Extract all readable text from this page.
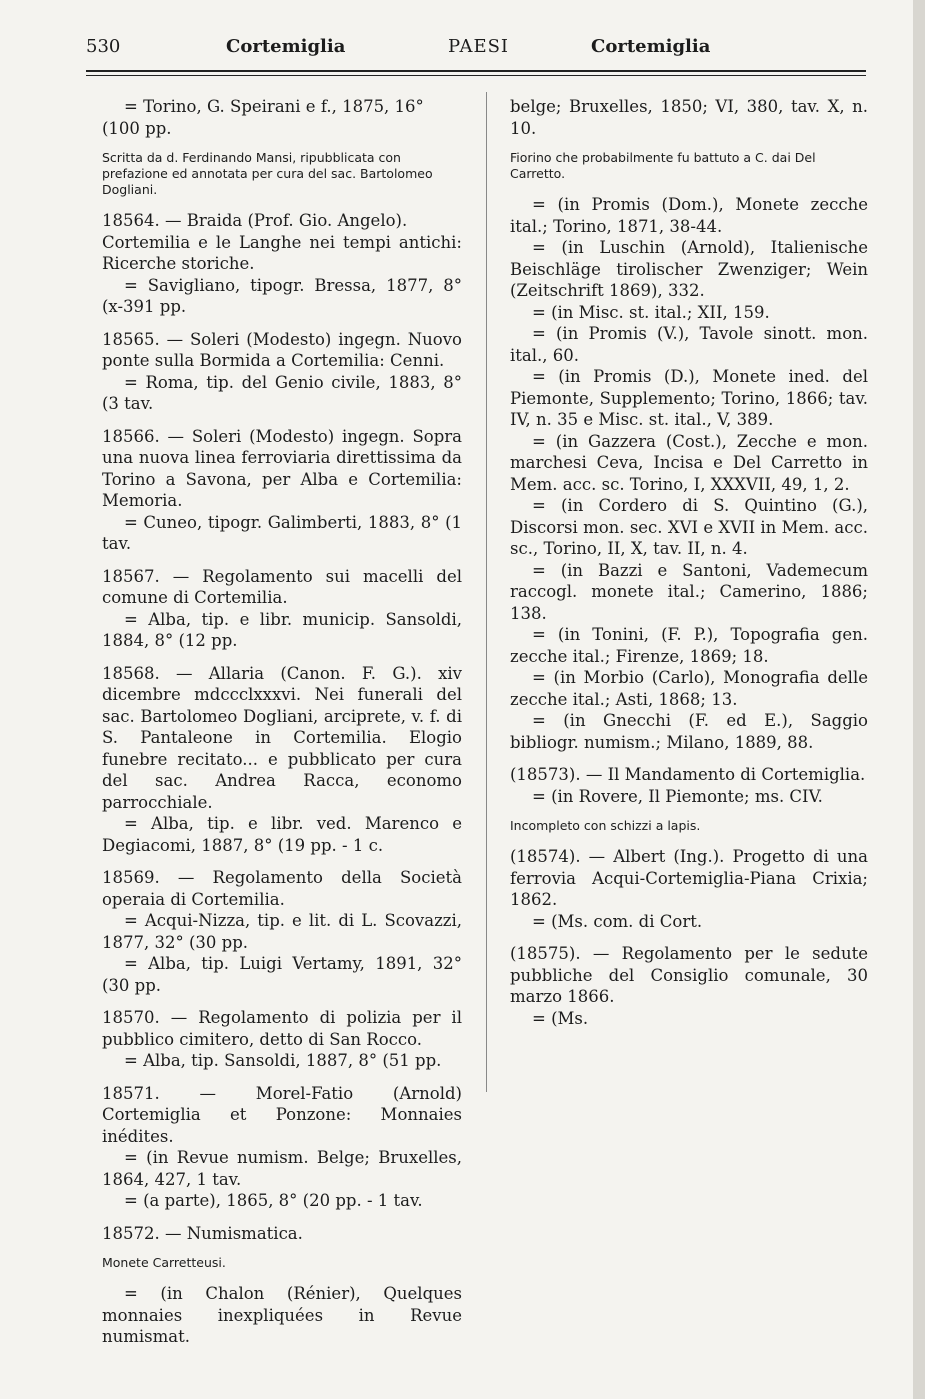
530	Cortemiglia	PAESI	Cortemiglia
= Torino, G. Speirani e f., 1875, 16°
(100 pp.
Scritta da d. Ferdinando Mansi, ripubblicata con prefazione ed annotata per cura del sac. Bartolomeo Dogliani.
18564. — Braida (Prof. Gio. Angelo).
Cortemilia e le Langhe nei tempi antichi: Ricerche storiche.
= Savigliano, tipogr. Bressa, 1877, 8° (x-391 pp.
18565. — Soleri (Modesto) ingegn. Nuovo ponte sulla Bormida a Cortemilia: Cenni.
= Roma, tip. del Genio civile, 1883, 8° (3 tav.
18566. — Soleri (Modesto) ingegn. Sopra una nuova linea ferroviaria direttissima da Torino a Savona, per Alba e Cortemilia: Memoria.
= Cuneo, tipogr. Galimberti, 1883, 8° (1 tav.
18567. — Regolamento sui macelli del comune di Cortemilia.
= Alba, tip. e libr. municip. Sansoldi, 1884, 8° (12 pp.
18568. — Allaria (Canon. F. G.). xiv dicembre mdccclxxxvi. Nei funerali del sac. Bartolomeo Dogliani, arciprete, v. f. di S. Pantaleone in Cortemilia. Elogio funebre recitato... e pubblicato per cura del sac. Andrea Racca, economo parrocchiale.
= Alba, tip. e libr. ved. Marenco e Degiacomi, 1887, 8° (19 pp. - 1 c.
18569. — Regolamento della Società operaia di Cortemilia.
= Acqui-Nizza, tip. e lit. di L. Scovazzi, 1877, 32° (30 pp.
= Alba, tip. Luigi Vertamy, 1891, 32° (30 pp.
18570. — Regolamento di polizia per il pubblico cimitero, detto di San Rocco.
= Alba, tip. Sansoldi, 1887, 8° (51 pp.
18571. — Morel-Fatio (Arnold) Cortemiglia et Ponzone: Monnaies inédites.
= (in Revue numism. Belge; Bruxelles, 1864, 427, 1 tav.
= (a parte), 1865, 8° (20 pp. - 1 tav.
18572. — Numismatica.
Monete Carretteusi.
= (in Chalon (Rénier), Quelques monnaies inexpliquées in Revue numismat.
belge; Bruxelles, 1850; VI, 380, tav. X, n. 10.
Fiorino che probabilmente fu battuto a C. dai Del Carretto.
= (in Promis (Dom.), Monete zecche ital.; Torino, 1871, 38-44.
= (in Luschin (Arnold), Italienische Beischläge tirolischer Zwenziger; Wein (Zeitschrift 1869), 332.
= (in Misc. st. ital.; XII, 159.
= (in Promis (V.), Tavole sinott. mon. ital., 60.
= (in Promis (D.), Monete ined. del Piemonte, Supplemento; Torino, 1866; tav. IV, n. 35 e Misc. st. ital., V, 389.
= (in Gazzera (Cost.), Zecche e mon. marchesi Ceva, Incisa e Del Carretto in Mem. acc. sc. Torino, I, XXXVII, 49, 1, 2.
= (in Cordero di S. Quintino (G.), Discorsi mon. sec. XVI e XVII in Mem. acc. sc., Torino, II, X, tav. II, n. 4.
= (in Bazzi e Santoni, Vademecum raccogl. monete ital.; Camerino, 1886; 138.
= (in Tonini, (F. P.), Topografia gen. zecche ital.; Firenze, 1869; 18.
= (in Morbio (Carlo), Monografia delle zecche ital.; Asti, 1868; 13.
= (in Gnecchi (F. ed E.), Saggio bibliogr. numism.; Milano, 1889, 88.
(18573). — Il Mandamento di Cortemiglia.
= (in Rovere, Il Piemonte; ms. CIV.
Incompleto con schizzi a lapis.
(18574). — Albert (Ing.). Progetto di una ferrovia Acqui-Cortemiglia-Piana Crixia; 1862.
= (Ms. com. di Cort.
(18575). — Regolamento per le sedute pubbliche del Consiglio comunale, 30 marzo 1866.
= (Ms.
